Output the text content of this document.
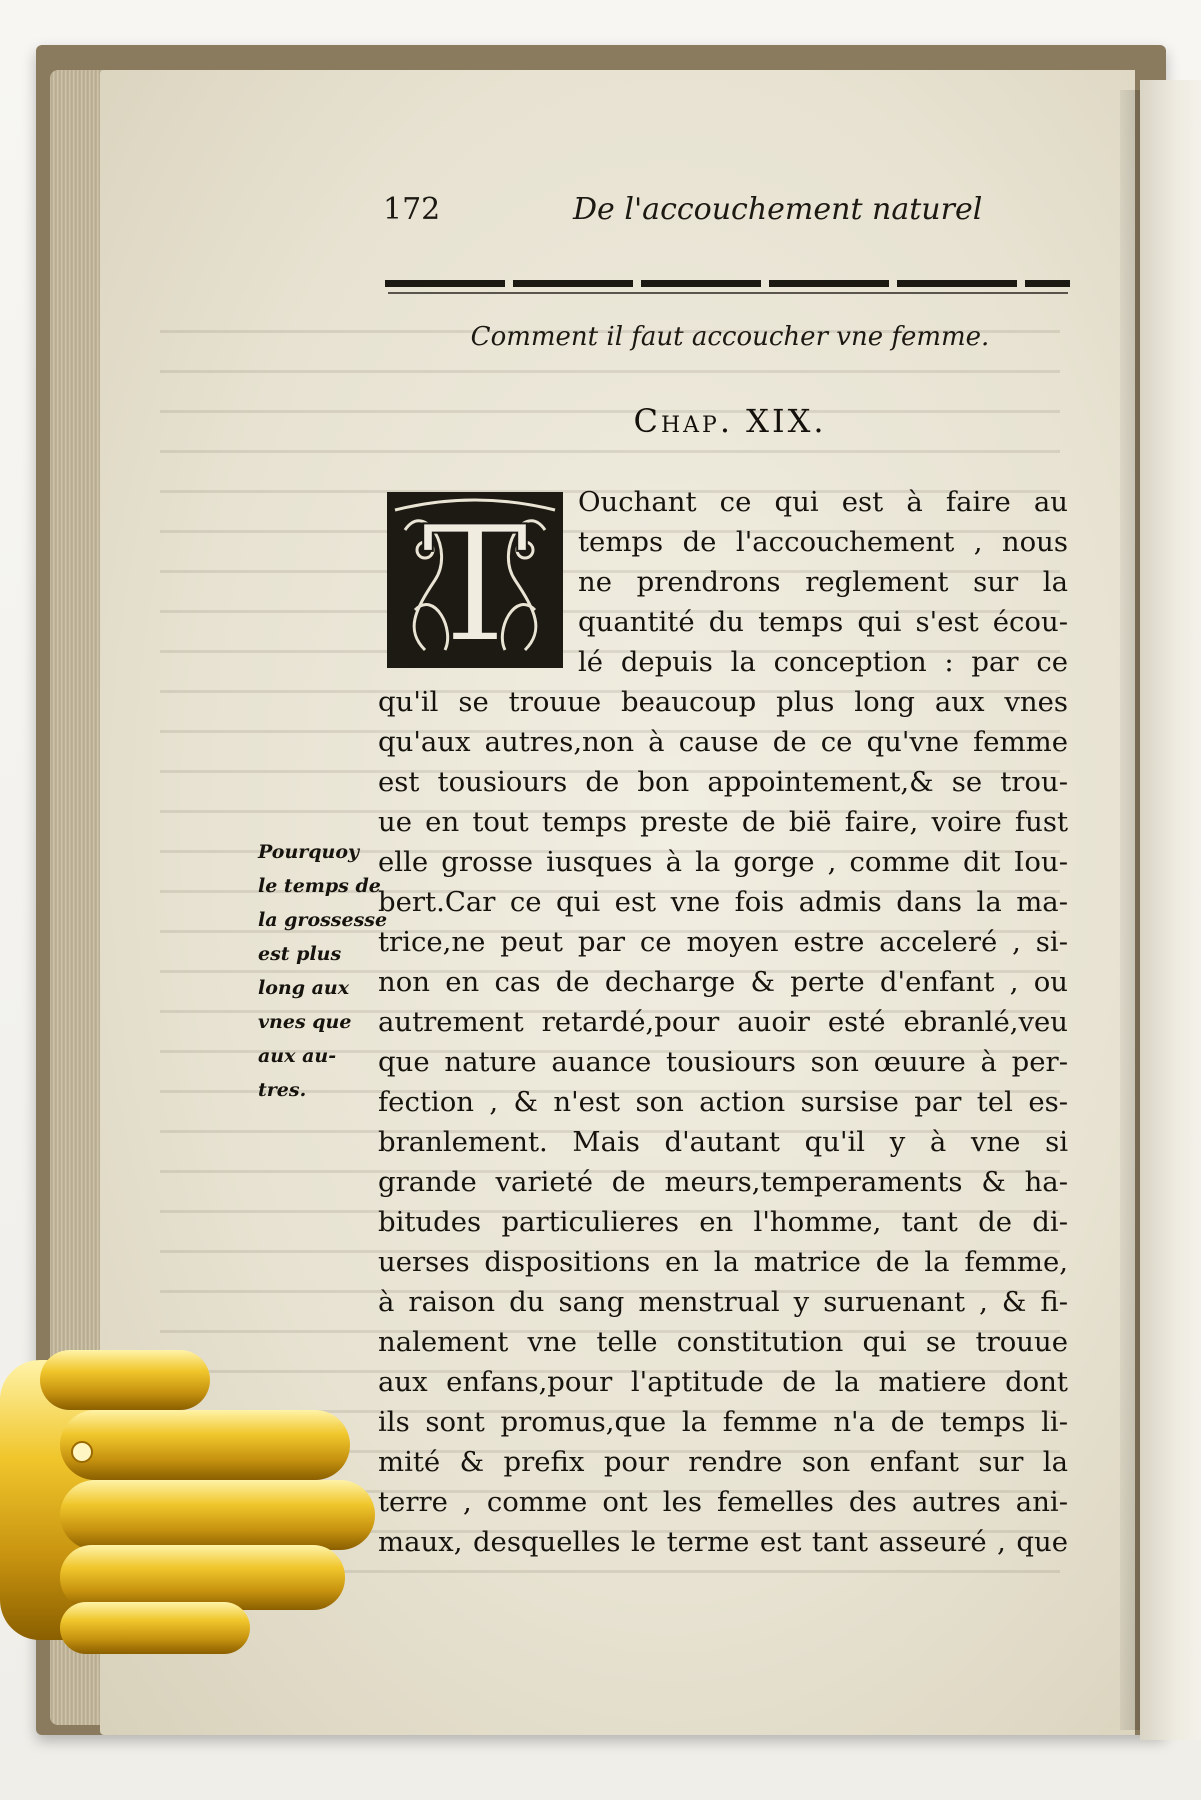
172	De l'accouchement naturel
Comment il faut accoucher vne femme.
Chap. XIX.
T	Ouchant ce qui est à faire au
temps de l'accouchement , nous
ne prendrons reglement sur la
quantité du temps qui s'est écou-
lé depuis la conception : par ce
qu'il se trouue beaucoup plus long aux vnes
qu'aux autres,non à cause de ce qu'vne femme
est tousiours de bon appointement,& se trou-
ue en tout temps preste de bië faire, voire fust
elle grosse iusques à la gorge , comme dit Iou-
bert.Car ce qui est vne fois admis dans la ma-
trice,ne peut par ce moyen estre acceleré , si-
non en cas de decharge & perte d'enfant , ou
autrement retardé,pour auoir esté ebranlé,veu
que nature auance tousiours son œuure à per-
fection , & n'est son action sursise par tel es-
branlement. Mais d'autant qu'il y à vne si
grande varieté de meurs,temperaments & ha-
bitudes particulieres en l'homme, tant de di-
uerses dispositions en la matrice de la femme,
à raison du sang menstrual y suruenant , & fi-
nalement vne telle constitution qui se trouue
aux enfans,pour l'aptitude de la matiere dont
ils sont promus,que la femme n'a de temps li-
mité & prefix pour rendre son enfant sur la
terre , comme ont les femelles des autres ani-
maux, desquelles le terme est tant asseuré , que
Pourquoy
le temps de
la grossesse
est plus
long aux
vnes que
aux au-
tres.
